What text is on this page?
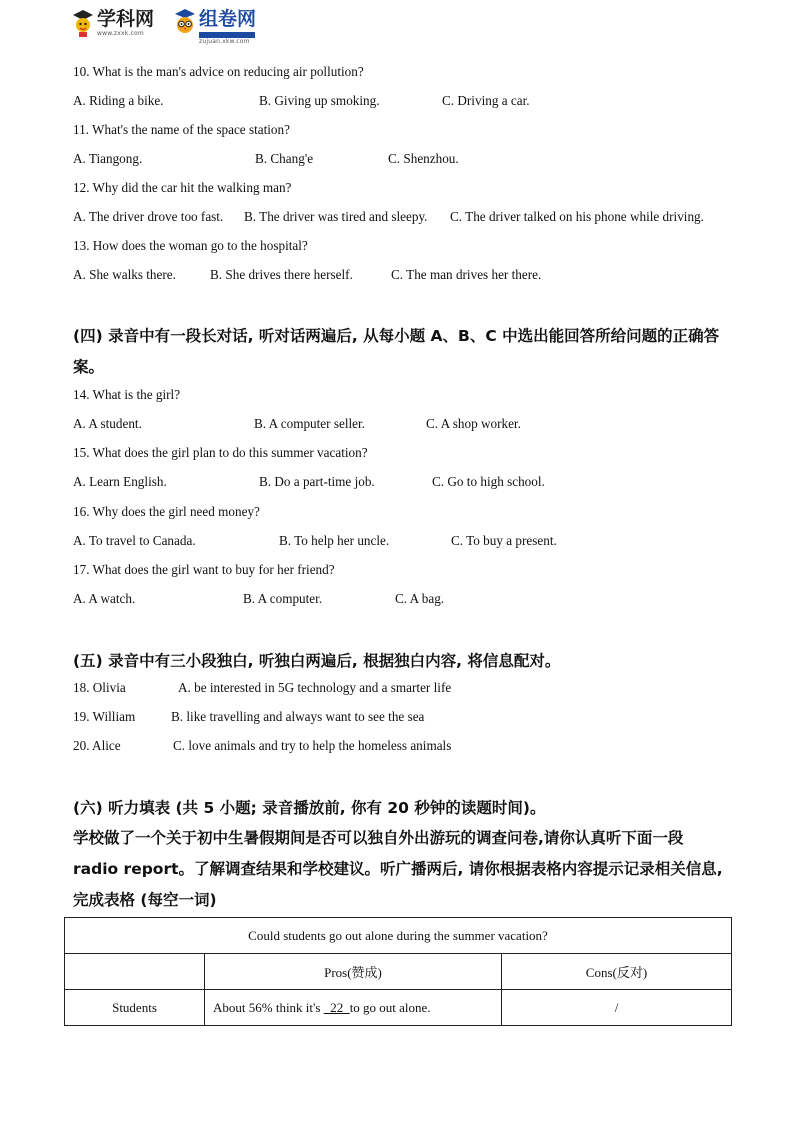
学科网
www.zxxk.com
组卷网
zujuan.xkw.com
10. What is the man's advice on reducing air pollution?
A. Riding a bike.	B. Giving up smoking.	C. Driving a car.
11. What's the name of the space station?
A. Tiangong.	B. Chang'e	C. Shenzhou.
12. Why did the car hit the walking man?
A. The driver drove too fast. B. The driver was tired and sleepy. C. The driver talked on his phone while driving.
13. How does the woman go to the hospital?
A. She walks there.	B. She drives there herself.	C. The man drives her there.
(四) 录音中有一段长对话, 听对话两遍后, 从每小题 A、B、C 中选出能回答所给问题的正确答
案。
14. What is the girl?
A. A student.	B. A computer seller.	C. A shop worker.
15. What does the girl plan to do this summer vacation?
A. Learn English.	B. Do a part-time job.	C. Go to high school.
16. Why does the girl need money?
A. To travel to Canada.	B. To help her uncle.	C. To buy a present.
17. What does the girl want to buy for her friend?
A. A watch.	B. A computer.	C. A bag.
(五) 录音中有三小段独白, 听独白两遍后, 根据独白内容, 将信息配对。
18. Olivia	A. be interested in 5G technology and a smarter life
19. William	B. like travelling and always want to see the sea
20. Alice	C. love animals and try to help the homeless animals
(六) 听力填表 (共 5 小题; 录音播放前, 你有 20 秒钟的读题时间)。
学校做了一个关于初中生暑假期间是否可以独自外出游玩的调查问卷,请你认真听下面一段
radio report。了解调查结果和学校建议。听广播两后, 请你根据表格内容提示记录相关信息,
完成表格 (每空一词)
Could students go out alone during the summer vacation?		
	Pros(赞成)	Cons(反对)
Students	About 56% think it's   22  to go out alone.	/
